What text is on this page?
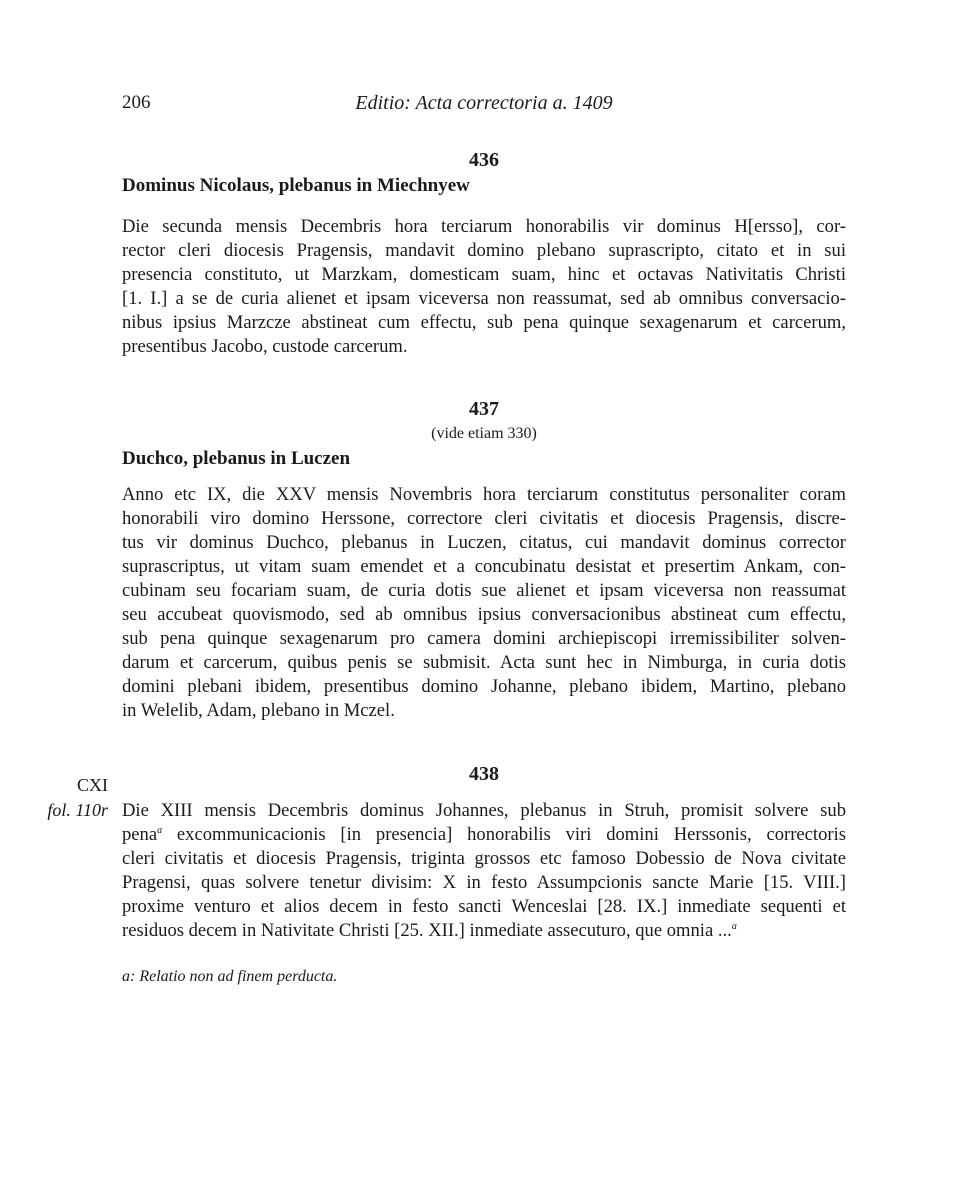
206	Editio: Acta correctoria a. 1409
436
Dominus Nicolaus, plebanus in Miechnyew
Die secunda mensis Decembris hora terciarum honorabilis vir dominus H[ersso], cor-
rector cleri diocesis Pragensis, mandavit domino plebano suprascripto, citato et in sui
presencia constituto, ut Marzkam, domesticam suam, hinc et octavas Nativitatis Christi
[1. I.] a se de curia alienet et ipsam viceversa non reassumat, sed ab omnibus conversacio-
nibus ipsius Marzcze abstineat cum effectu, sub pena quinque sexagenarum et carcerum,
presentibus Jacobo, custode carcerum.
437
(vide etiam 330)
Duchco, plebanus in Luczen
Anno etc IX, die XXV mensis Novembris hora terciarum constitutus personaliter coram
honorabili viro domino Herssone, correctore cleri civitatis et diocesis Pragensis, discre-
tus vir dominus Duchco, plebanus in Luczen, citatus, cui mandavit dominus corrector
suprascriptus, ut vitam suam emendet et a concubinatu desistat et presertim Ankam, con-
cubinam seu focariam suam, de curia dotis sue alienet et ipsam viceversa non reassumat
seu accubeat quovismodo, sed ab omnibus ipsius conversacionibus abstineat cum effectu,
sub pena quinque sexagenarum pro camera domini archiepiscopi irremissibiliter solven-
darum et carcerum, quibus penis se submisit. Acta sunt hec in Nimburga, in curia dotis
domini plebani ibidem, presentibus domino Johanne, plebano ibidem, Martino, plebano
in Welelib, Adam, plebano in Mczel.
438
CXI
fol. 110r Die XIII mensis Decembris dominus Johannes, plebanus in Struh, promisit solvere sub
pena$^a$ excommunicacionis [in presencia] honorabilis viri domini Herssonis, correctoris
cleri civitatis et diocesis Pragensis, triginta grossos etc famoso Dobessio de Nova civitate
Pragensi, quas solvere tenetur divisim: X in festo Assumpcionis sancte Marie [15. VIII.]
proxime venturo et alios decem in festo sancti Wenceslai [28. IX.] inmediate sequenti et
residuos decem in Nativitate Christi [25. XII.] inmediate assecuturo, que omnia ...$^a$
a: Relatio non ad finem perducta.
